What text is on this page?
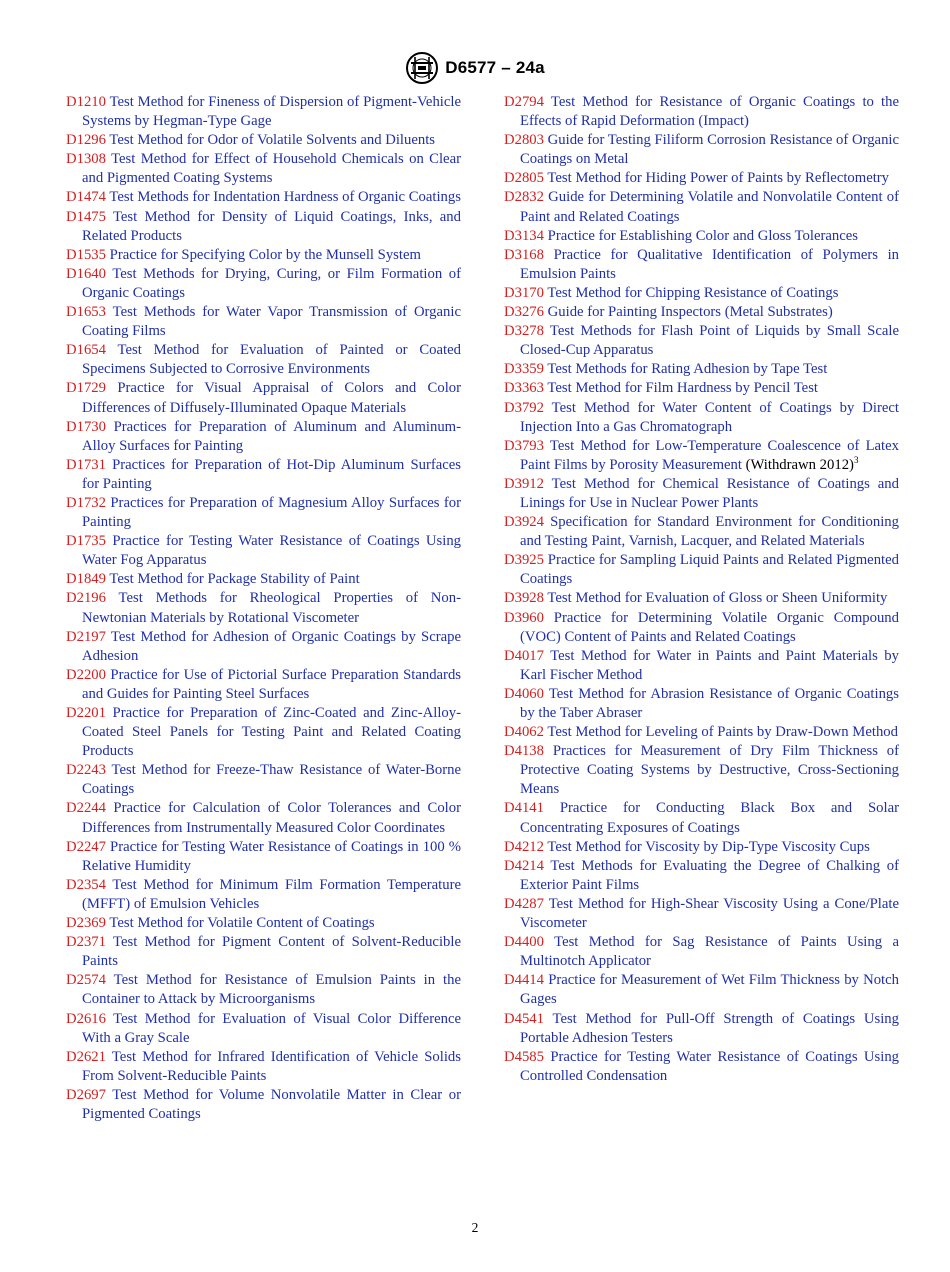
D6577 – 24a

D1210 Test Method for Fineness of Dispersion of Pigment-Vehicle Systems by Hegman-Type Gage

D1296 Test Method for Odor of Volatile Solvents and Diluents

D1308 Test Method for Effect of Household Chemicals on Clear and Pigmented Coating Systems

D1474 Test Methods for Indentation Hardness of Organic Coatings

D1475 Test Method for Density of Liquid Coatings, Inks, and Related Products

D1535 Practice for Specifying Color by the Munsell System

D1640 Test Methods for Drying, Curing, or Film Formation of Organic Coatings

D1653 Test Methods for Water Vapor Transmission of Organic Coating Films

D1654 Test Method for Evaluation of Painted or Coated Specimens Subjected to Corrosive Environments

D1729 Practice for Visual Appraisal of Colors and Color Differences of Diffusely-Illuminated Opaque Materials

D1730 Practices for Preparation of Aluminum and Aluminum-Alloy Surfaces for Painting

D1731 Practices for Preparation of Hot-Dip Aluminum Surfaces for Painting

D1732 Practices for Preparation of Magnesium Alloy Surfaces for Painting

D1735 Practice for Testing Water Resistance of Coatings Using Water Fog Apparatus

D1849 Test Method for Package Stability of Paint

D2196 Test Methods for Rheological Properties of Non-Newtonian Materials by Rotational Viscometer

D2197 Test Method for Adhesion of Organic Coatings by Scrape Adhesion

D2200 Practice for Use of Pictorial Surface Preparation Standards and Guides for Painting Steel Surfaces

D2201 Practice for Preparation of Zinc-Coated and Zinc-Alloy-Coated Steel Panels for Testing Paint and Related Coating Products

D2243 Test Method for Freeze-Thaw Resistance of Water-Borne Coatings

D2244 Practice for Calculation of Color Tolerances and Color Differences from Instrumentally Measured Color Coordinates

D2247 Practice for Testing Water Resistance of Coatings in 100 % Relative Humidity

D2354 Test Method for Minimum Film Formation Temperature (MFFT) of Emulsion Vehicles

D2369 Test Method for Volatile Content of Coatings

D2371 Test Method for Pigment Content of Solvent-Reducible Paints

D2574 Test Method for Resistance of Emulsion Paints in the Container to Attack by Microorganisms

D2616 Test Method for Evaluation of Visual Color Difference With a Gray Scale

D2621 Test Method for Infrared Identification of Vehicle Solids From Solvent-Reducible Paints

D2697 Test Method for Volume Nonvolatile Matter in Clear or Pigmented Coatings

D2794 Test Method for Resistance of Organic Coatings to the Effects of Rapid Deformation (Impact)

D2803 Guide for Testing Filiform Corrosion Resistance of Organic Coatings on Metal

D2805 Test Method for Hiding Power of Paints by Reflectometry

D2832 Guide for Determining Volatile and Nonvolatile Content of Paint and Related Coatings

D3134 Practice for Establishing Color and Gloss Tolerances

D3168 Practice for Qualitative Identification of Polymers in Emulsion Paints

D3170 Test Method for Chipping Resistance of Coatings

D3276 Guide for Painting Inspectors (Metal Substrates)

D3278 Test Methods for Flash Point of Liquids by Small Scale Closed-Cup Apparatus

D3359 Test Methods for Rating Adhesion by Tape Test

D3363 Test Method for Film Hardness by Pencil Test

D3792 Test Method for Water Content of Coatings by Direct Injection Into a Gas Chromatograph

D3793 Test Method for Low-Temperature Coalescence of Latex Paint Films by Porosity Measurement (Withdrawn 2012)$^3$

D3912 Test Method for Chemical Resistance of Coatings and Linings for Use in Nuclear Power Plants

D3924 Specification for Standard Environment for Conditioning and Testing Paint, Varnish, Lacquer, and Related Materials

D3925 Practice for Sampling Liquid Paints and Related Pigmented Coatings

D3928 Test Method for Evaluation of Gloss or Sheen Uniformity

D3960 Practice for Determining Volatile Organic Compound (VOC) Content of Paints and Related Coatings

D4017 Test Method for Water in Paints and Paint Materials by Karl Fischer Method

D4060 Test Method for Abrasion Resistance of Organic Coatings by the Taber Abraser

D4062 Test Method for Leveling of Paints by Draw-Down Method

D4138 Practices for Measurement of Dry Film Thickness of Protective Coating Systems by Destructive, Cross-Sectioning Means

D4141 Practice for Conducting Black Box and Solar Concentrating Exposures of Coatings

D4212 Test Method for Viscosity by Dip-Type Viscosity Cups

D4214 Test Methods for Evaluating the Degree of Chalking of Exterior Paint Films

D4287 Test Method for High-Shear Viscosity Using a Cone/Plate Viscometer

D4400 Test Method for Sag Resistance of Paints Using a Multinotch Applicator

D4414 Practice for Measurement of Wet Film Thickness by Notch Gages

D4541 Test Method for Pull-Off Strength of Coatings Using Portable Adhesion Testers

D4585 Practice for Testing Water Resistance of Coatings Using Controlled Condensation

2
